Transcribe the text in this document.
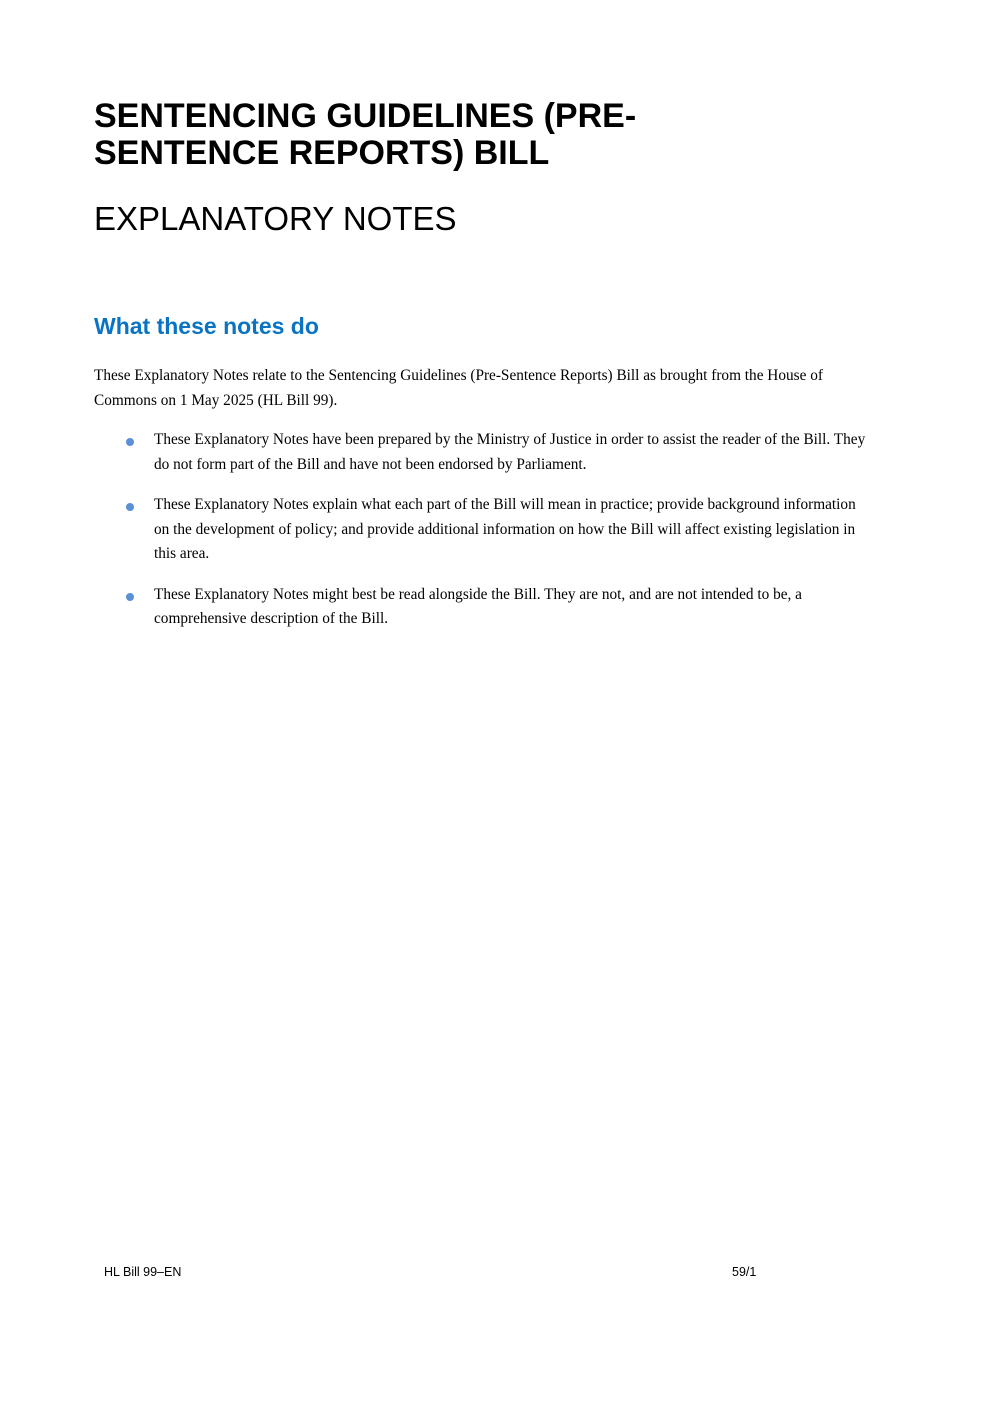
SENTENCING GUIDELINES (PRE-
SENTENCE REPORTS) BILL
EXPLANATORY NOTES
What these notes do

These Explanatory Notes relate to the Sentencing Guidelines (Pre-Sentence Reports) Bill as brought from the House of Commons on 1 May 2025 (HL Bill 99).

These Explanatory Notes have been prepared by the Ministry of Justice in order to assist the reader of the Bill. They do not form part of the Bill and have not been endorsed by Parliament.
These Explanatory Notes explain what each part of the Bill will mean in practice; provide background information on the development of policy; and provide additional information on how the Bill will affect existing legislation in this area.
These Explanatory Notes might best be read alongside the Bill. They are not, and are not intended to be, a comprehensive description of the Bill.
HL Bill 99–EN	59/1
